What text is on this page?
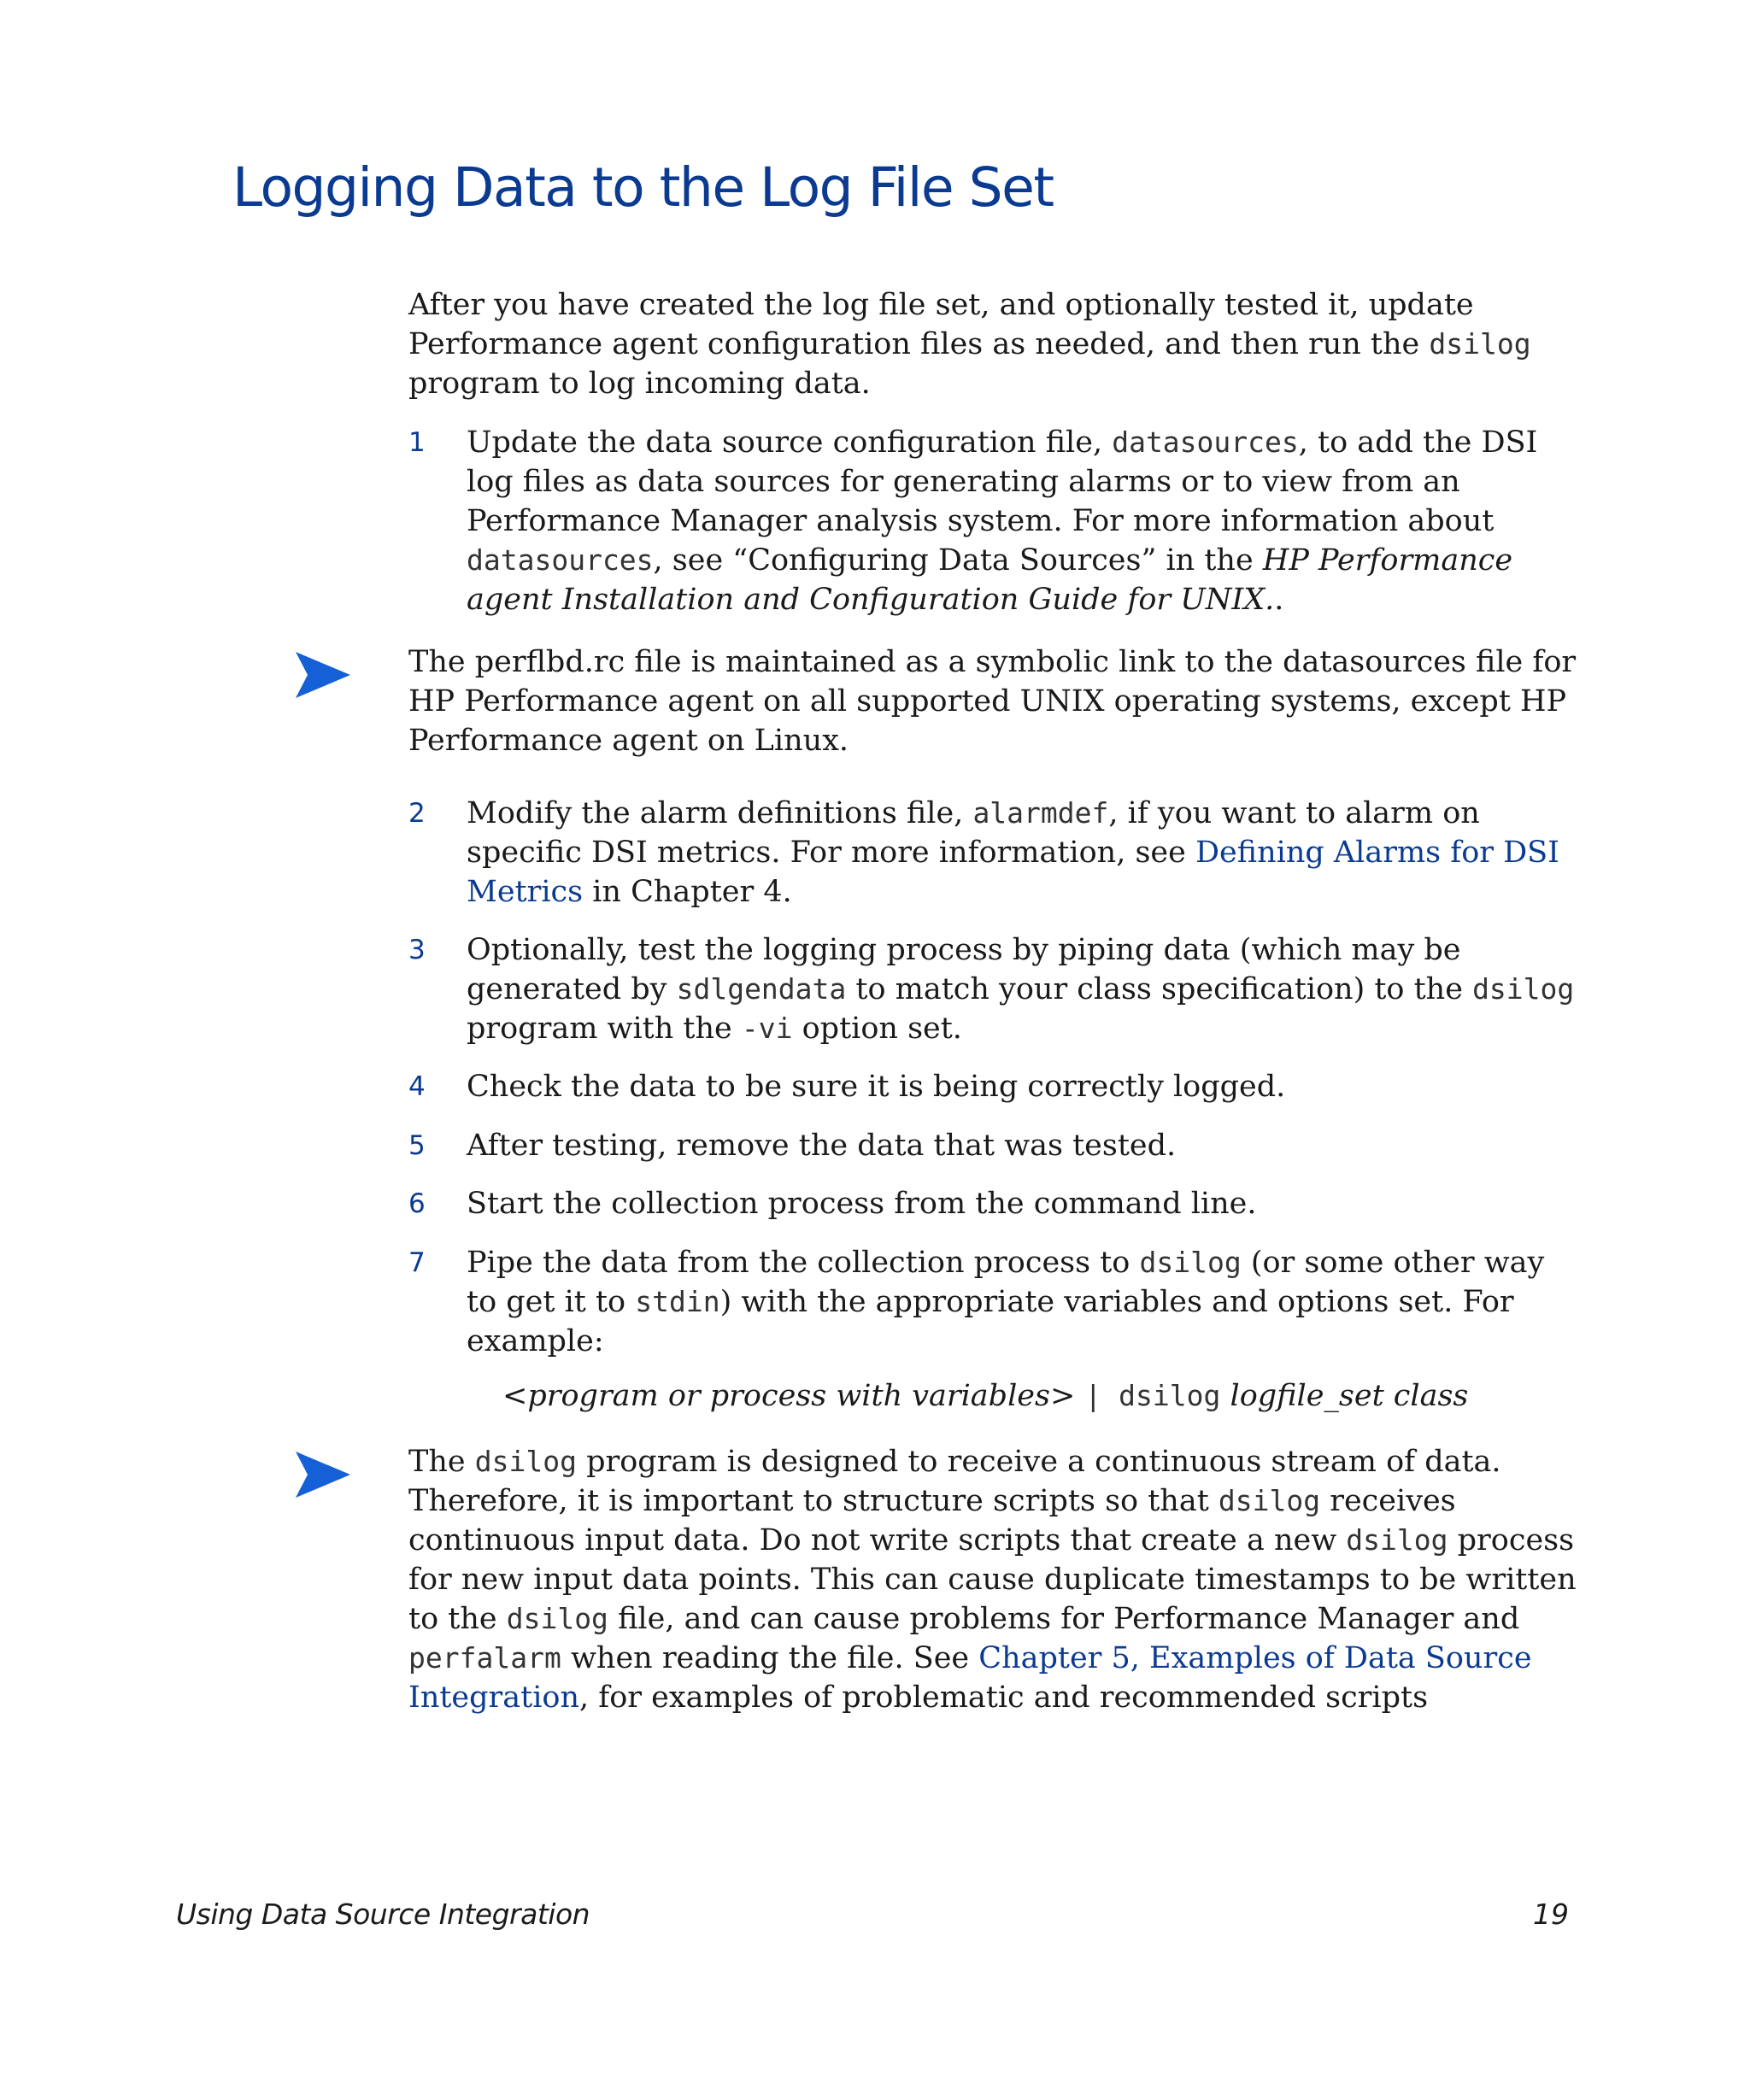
Logging Data to the Log File Set

After you have created the log file set, and optionally tested it, update Performance agent configuration files as needed, and then run the dsilog program to log incoming data.

1 Update the data source configuration file, datasources, to add the DSI log files as data sources for generating alarms or to view from an Performance Manager analysis system. For more information about datasources, see “Configuring Data Sources” in the HP Performance agent Installation and Configuration Guide for UNIX..

The perflbd.rc file is maintained as a symbolic link to the datasources file for HP Performance agent on all supported UNIX operating systems, except HP Performance agent on Linux.

2 Modify the alarm definitions file, alarmdef, if you want to alarm on specific DSI metrics. For more information, see Defining Alarms for DSI Metrics in Chapter 4.
3 Optionally, test the logging process by piping data (which may be generated by sdlgendata to match your class specification) to the dsilog program with the -vi option set.
4 Check the data to be sure it is being correctly logged.
5 After testing, remove the data that was tested.
6 Start the collection process from the command line.
7 Pipe the data from the collection process to dsilog (or some other way to get it to stdin) with the appropriate variables and options set. For example:
<program or process with variables> | dsilog logfile_set class

The dsilog program is designed to receive a continuous stream of data. Therefore, it is important to structure scripts so that dsilog receives continuous input data. Do not write scripts that create a new dsilog process for new input data points. This can cause duplicate timestamps to be written to the dsilog file, and can cause problems for Performance Manager and perfalarm when reading the file. See Chapter 5, Examples of Data Source Integration, for examples of problematic and recommended scripts

Using Data Source Integration	19
